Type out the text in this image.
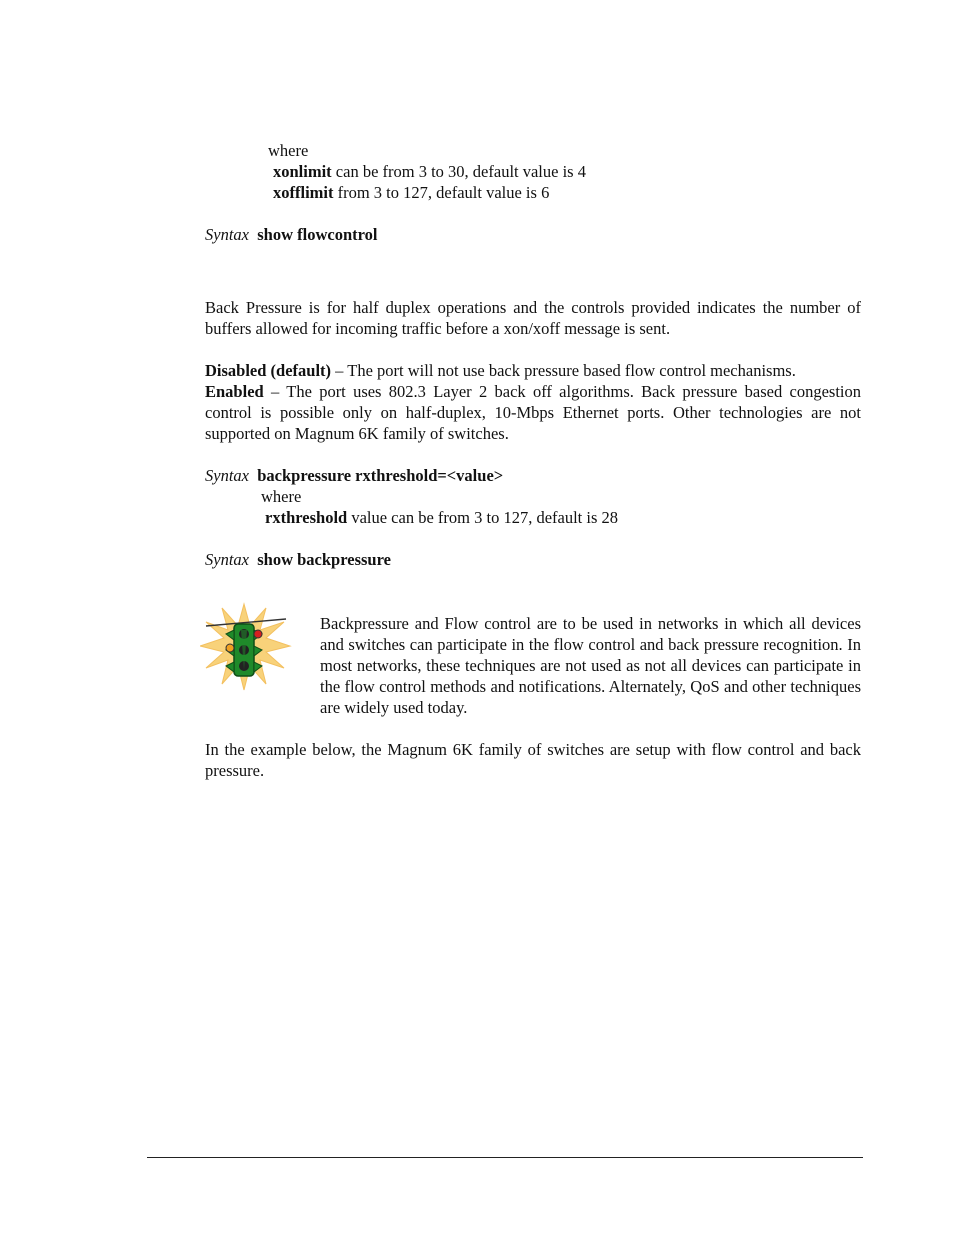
where
xonlimit can be from 3 to 30, default value is 4
xofflimit from 3 to 127, default value is 6
Syntax show flowcontrol
Back Pressure is for half duplex operations and the controls provided indicates the number of buffers allowed for incoming traffic before a xon/xoff message is sent.
Disabled (default) – The port will not use back pressure based flow control mechanisms.
Enabled – The port uses 802.3 Layer 2 back off algorithms. Back pressure based congestion control is possible only on half-duplex, 10-Mbps Ethernet ports. Other technologies are not supported on Magnum 6K family of switches.
Syntax backpressure rxthreshold=<value>
where
rxthreshold value can be from 3 to 127, default is 28
Syntax show backpressure
Backpressure and Flow control are to be used in networks in which all devices and switches can participate in the flow control and back pressure recognition. In most networks, these techniques are not used as not all devices can participate in the flow control methods and notifications. Alternately, QoS and other techniques are widely used today.
In the example below, the Magnum 6K family of switches are setup with flow control and back pressure.
